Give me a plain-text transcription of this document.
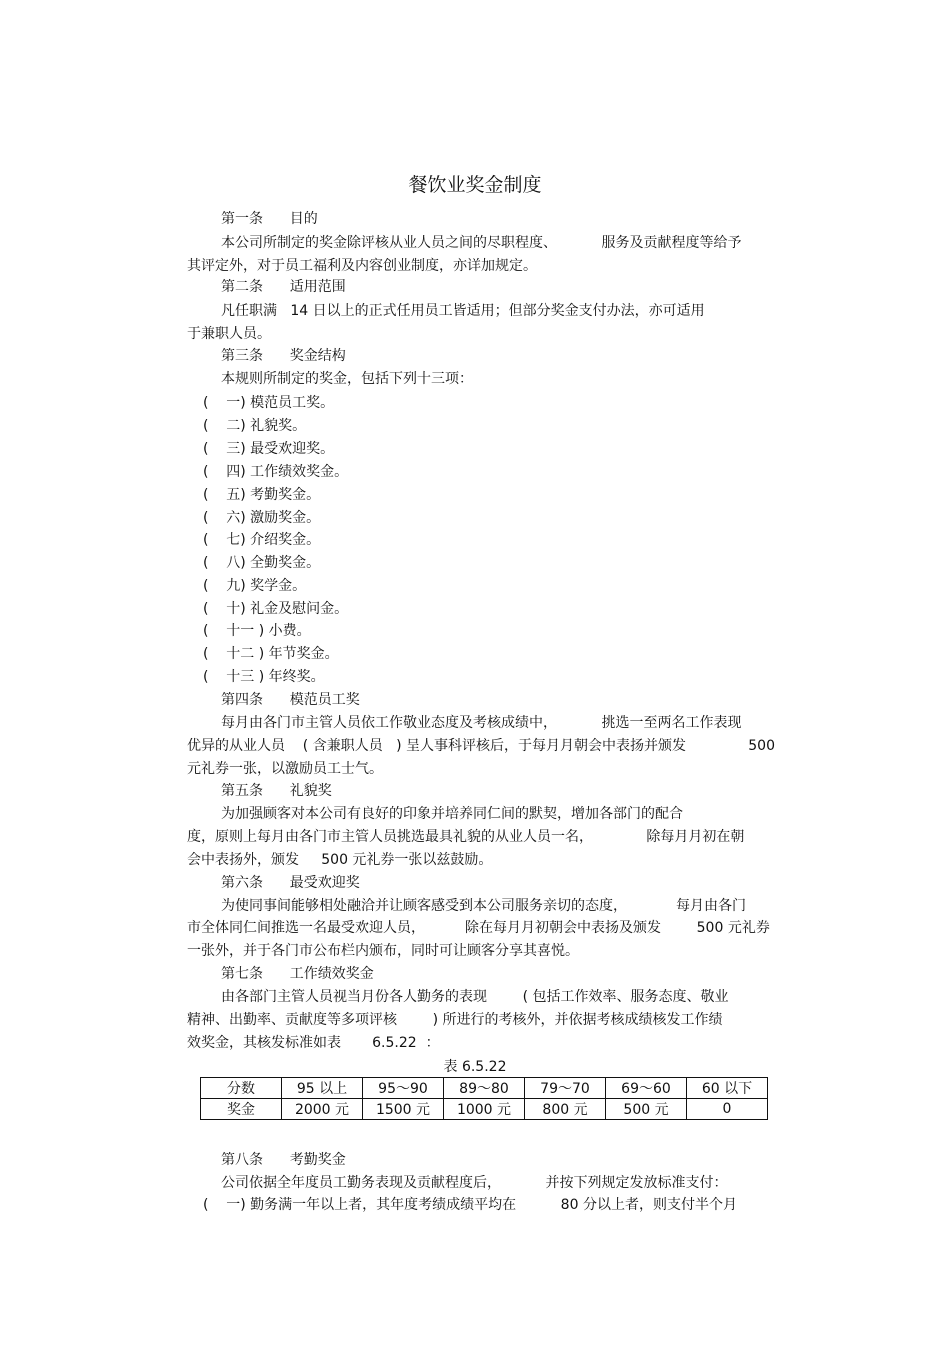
餐饮业奖金制度
第一条      目的
本公司所制定的奖金除评核从业人员之间的尽职程度、          服务及贡献程度等给予
其评定外，对于员工福利及内容创业制度，亦详加规定。
第二条      适用范围
凡任职满   14 日以上的正式任用员工皆适用；但部分奖金支付办法，亦可适用
于兼职人员。
第三条      奖金结构
本规则所制定的奖金，包括下列十三项：
(    一) 模范员工奖。
(    二) 礼貌奖。
(    三) 最受欢迎奖。
(    四) 工作绩效奖金。
(    五) 考勤奖金。
(    六) 激励奖金。
(    七) 介绍奖金。
(    八) 全勤奖金。
(    九) 奖学金。
(    十) 礼金及慰问金。
(    十一 ) 小费。
(    十二 ) 年节奖金。
(    十三 ) 年终奖。
第四条      模范员工奖
每月由各门市主管人员依工作敬业态度及考核成绩中，          挑选一至两名工作表现
优异的从业人员    ( 含兼职人员   ) 呈人事科评核后，于每月月朝会中表扬并颁发              500
元礼券一张，以激励员工士气。
第五条      礼貌奖
为加强顾客对本公司有良好的印象并培养同仁间的默契，增加各部门的配合
度，原则上每月由各门市主管人员挑选最具礼貌的从业人员一名，            除每月月初在朝
会中表扬外，颁发     500 元礼券一张以兹鼓励。
第六条      最受欢迎奖
为使同事间能够相处融洽并让顾客感受到本公司服务亲切的态度，           每月由各门
市全体同仁间推选一名最受欢迎人员，         除在每月月初朝会中表扬及颁发        500 元礼券
一张外，并于各门市公布栏内颁布，同时可让顾客分享其喜悦。
第七条      工作绩效奖金
由各部门主管人员视当月份各人勤务的表现        ( 包括工作效率、服务态度、敬业
精神、出勤率、贡献度等多项评核        ) 所进行的考核外，并依据考核成绩核发工作绩
效奖金，其核发标准如表       6.5.22  ：
第八条      考勤奖金
公司依据全年度员工勤务表现及贡献程度后，          并按下列规定发放标准支付：
(    一) 勤务满一年以上者，其年度考绩成绩平均在          80 分以上者，则支付半个月
表 6.5.22
分数	95 以上	95～90	89～80	79～70	69～60	60 以下
奖金	2000 元	1500 元	1000 元	800 元	500 元	0
